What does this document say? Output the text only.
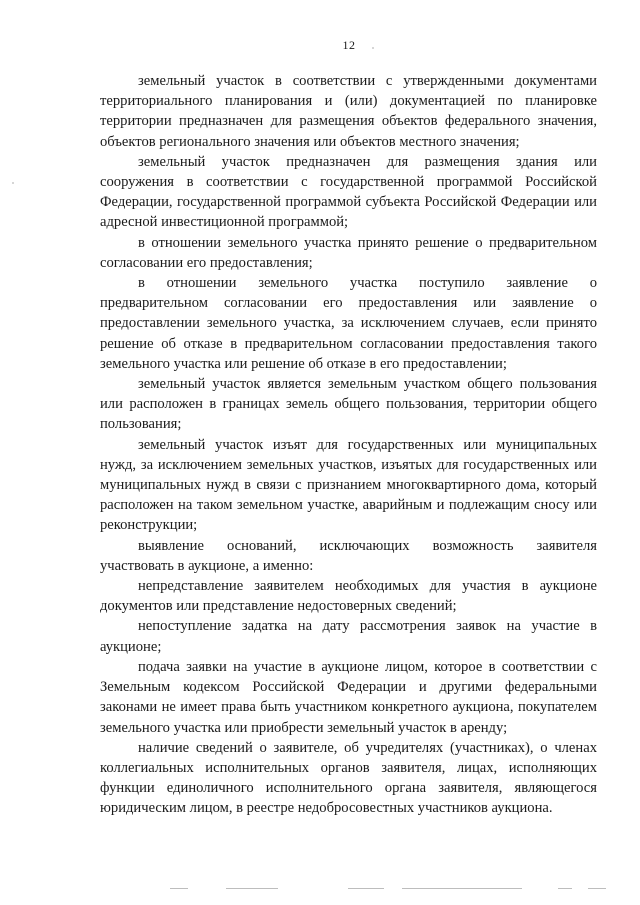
12

земельный участок в соответствии с утвержденными документами территориального планирования и (или) документацией по планировке территории предназначен для размещения объектов федерального значения, объектов регионального значения или объектов местного значения;

земельный участок предназначен для размещения здания или сооружения в соответствии с государственной программой Российской Федерации, государственной программой субъекта Российской Федерации или адресной инвестиционной программой;

в отношении земельного участка принято решение о предварительном согласовании его предоставления;

в отношении земельного участка поступило заявление о предварительном согласовании его предоставления или заявление о предоставлении земельного участка, за исключением случаев, если принято решение об отказе в предварительном согласовании предоставления такого земельного участка или решение об отказе в его предоставлении;

земельный участок является земельным участком общего пользования или расположен в границах земель общего пользования, территории общего пользования;

земельный участок изъят для государственных или муниципальных нужд, за исключением земельных участков, изъятых для государственных или муниципальных нужд в связи с признанием многоквартирного дома, который расположен на таком земельном участке, аварийным и подлежащим сносу или реконструкции;

выявление оснований, исключающих возможность заявителя участвовать в аукционе, а именно:

непредставление заявителем необходимых для участия в аукционе документов или представление недостоверных сведений;

непоступление задатка на дату рассмотрения заявок на участие в аукционе;

подача заявки на участие в аукционе лицом, которое в соответствии с Земельным кодексом Российской Федерации и другими федеральными законами не имеет права быть участником конкретного аукциона, покупателем земельного участка или приобрести земельный участок в аренду;

наличие сведений о заявителе, об учредителях (участниках), о членах коллегиальных исполнительных органов заявителя, лицах, исполняющих функции единоличного исполнительного органа заявителя, являющегося юридическим лицом, в реестре недобросовестных участников аукциона.
